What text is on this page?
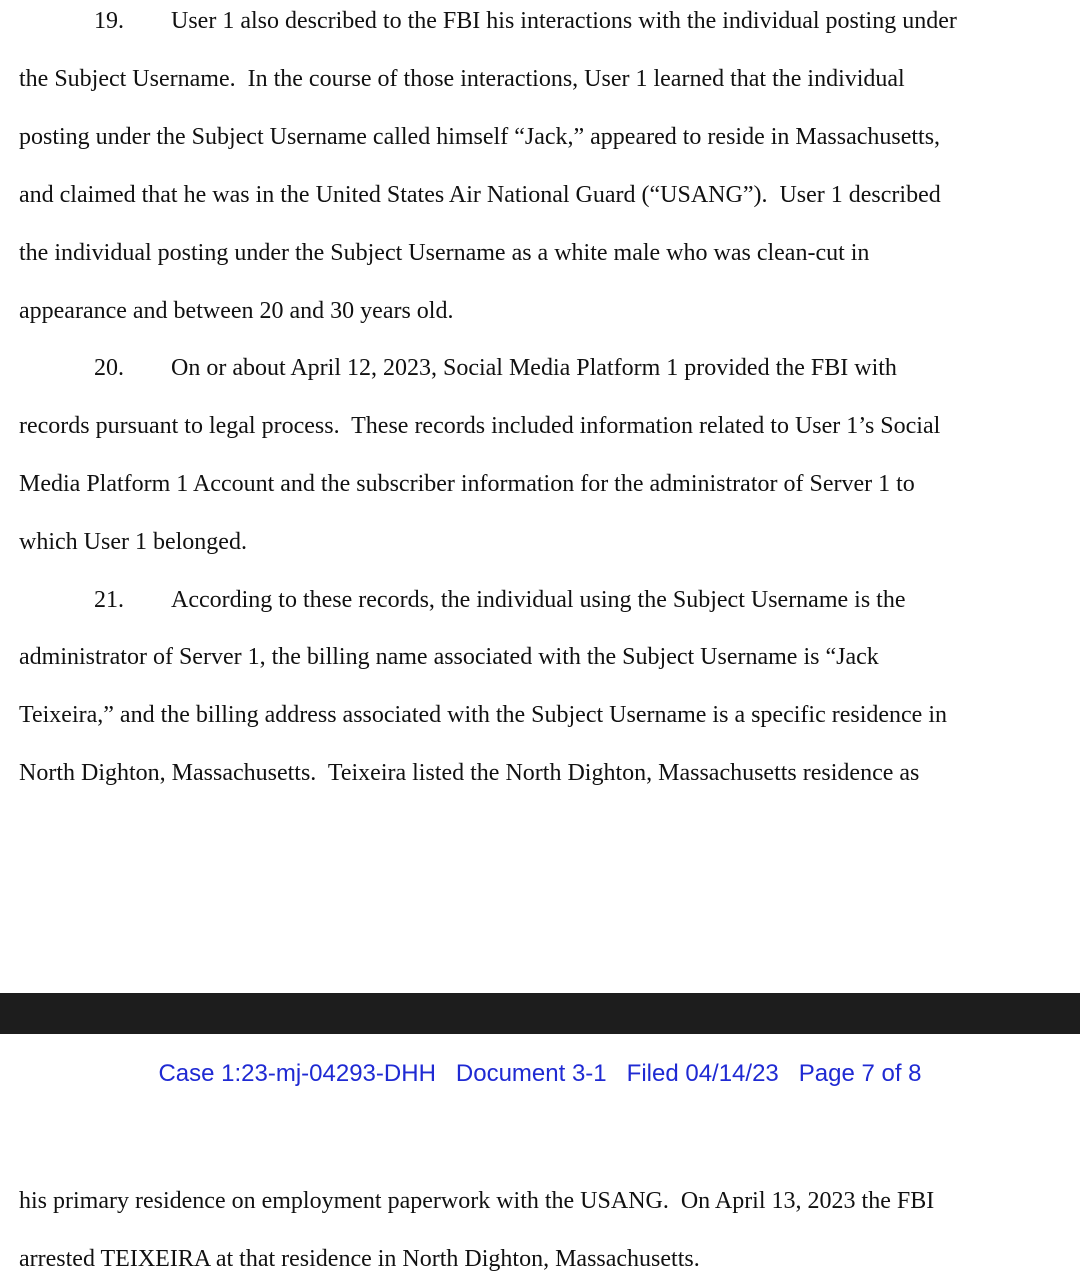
19. User 1 also described to the FBI his interactions with the individual posting under

the Subject Username.  In the course of those interactions, User 1 learned that the individual

posting under the Subject Username called himself “Jack,” appeared to reside in Massachusetts,

and claimed that he was in the United States Air National Guard (“USANG”).  User 1 described

the individual posting under the Subject Username as a white male who was clean-cut in

appearance and between 20 and 30 years old.

20. On or about April 12, 2023, Social Media Platform 1 provided the FBI with

records pursuant to legal process.  These records included information related to User 1’s Social

Media Platform 1 Account and the subscriber information for the administrator of Server 1 to

which User 1 belonged.

21. According to these records, the individual using the Subject Username is the

administrator of Server 1, the billing name associated with the Subject Username is “Jack

Teixeira,” and the billing address associated with the Subject Username is a specific residence in

North Dighton, Massachusetts.  Teixeira listed the North Dighton, Massachusetts residence as

Case 1:23-mj-04293-DHH Document 3-1 Filed 04/14/23 Page 7 of 8

his primary residence on employment paperwork with the USANG.  On April 13, 2023 the FBI

arrested TEIXEIRA at that residence in North Dighton, Massachusetts.
